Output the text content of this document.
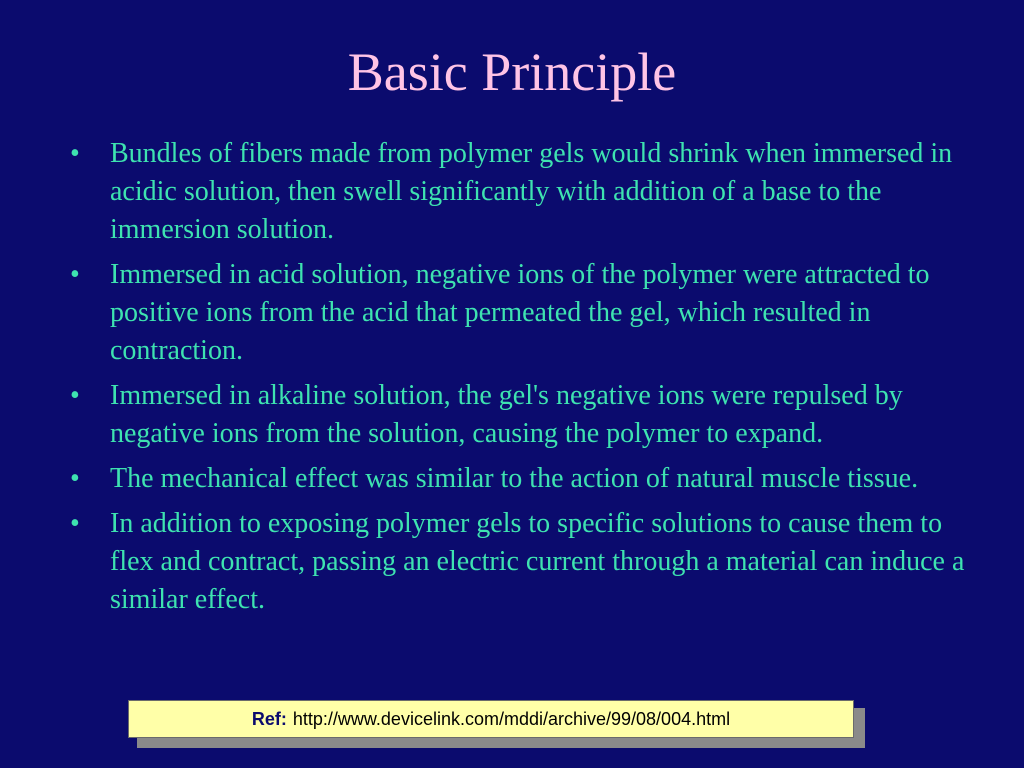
Basic Principle
•	Bundles of fibers made from polymer gels would shrink when immersed in acidic solution, then swell significantly with addition of a base to the immersion solution.
•	Immersed in acid solution, negative ions of the polymer were attracted to positive ions from the acid that permeated the gel, which resulted in contraction.
•	Immersed in alkaline solution, the gel's negative ions were repulsed by negative ions from the solution, causing the polymer to expand.
•	The mechanical effect was similar to the action of natural muscle tissue.
•	In addition to exposing polymer gels to specific solutions to cause them to flex and contract, passing an electric current through a material can induce a similar effect.
Ref: http://www.devicelink.com/mddi/archive/99/08/004.html
